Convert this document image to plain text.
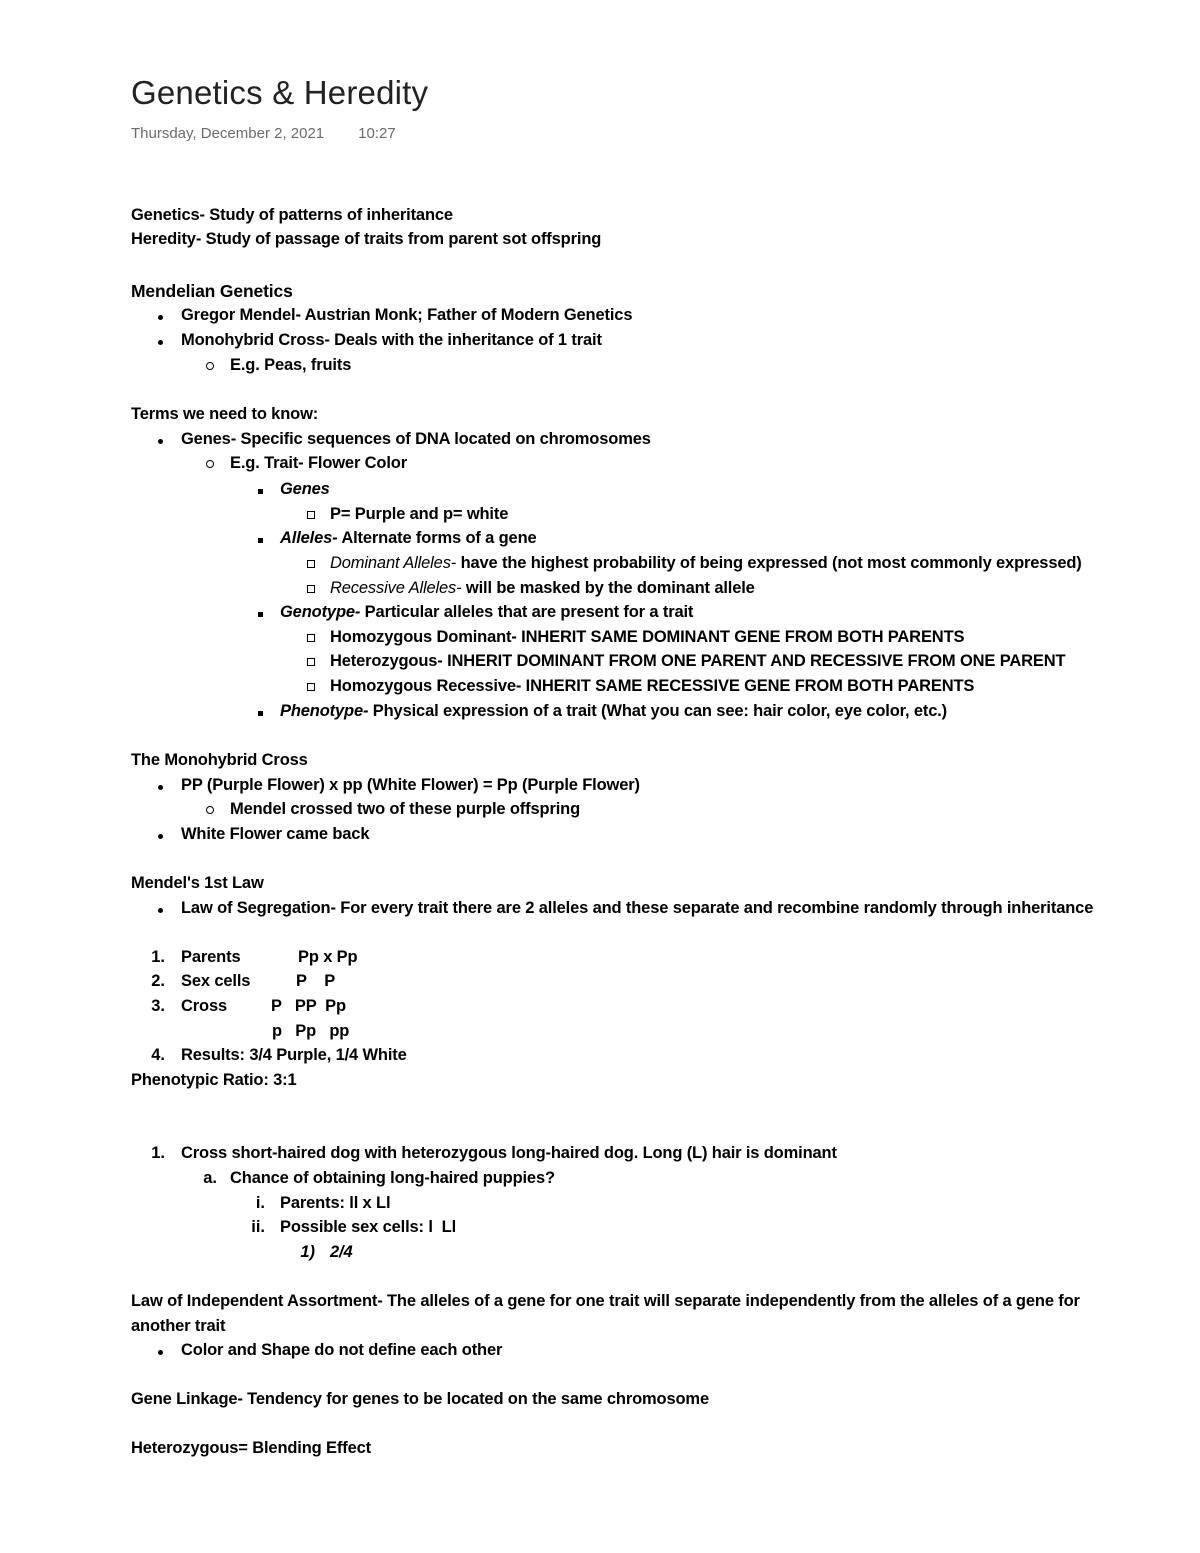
Genetics & Heredity
Thursday, December 2, 2021 10:27
Genetics- Study of patterns of inheritance
Heredity- Study of passage of traits from parent sot offspring
Mendelian Genetics
Gregor Mendel- Austrian Monk; Father of Modern Genetics
Monohybrid Cross- Deals with the inheritance of 1 trait
E.g. Peas, fruits
Terms we need to know:
Genes- Specific sequences of DNA located on chromosomes
E.g. Trait- Flower Color
Genes
P= Purple and p= white
Alleles- Alternate forms of a gene
Dominant Alleles- have the highest probability of being expressed (not most commonly expressed)
Recessive Alleles- will be masked by the dominant allele
Genotype- Particular alleles that are present for a trait
Homozygous Dominant- INHERIT SAME DOMINANT GENE FROM BOTH PARENTS
Heterozygous- INHERIT DOMINANT FROM ONE PARENT AND RECESSIVE FROM ONE PARENT
Homozygous Recessive- INHERIT SAME RECESSIVE GENE FROM BOTH PARENTS
Phenotype- Physical expression of a trait (What you can see: hair color, eye color, etc.)
The Monohybrid Cross
PP (Purple Flower) x pp (White Flower) = Pp (Purple Flower)
Mendel crossed two of these purple offspring
White Flower came back
Mendel's 1st Law
Law of Segregation- For every trait there are 2 alleles and these separate and recombine randomly through inheritance
1. Parents	Pp x Pp
2. Sex cells	P    P
3. Cross	P   PP  Pp
p   Pp   pp
4. Results: 3/4 Purple, 1/4 White
Phenotypic Ratio: 3:1
1. Cross short-haired dog with heterozygous long-haired dog. Long (L) hair is dominant
a. Chance of obtaining long-haired puppies?
i. Parents: ll x Ll
ii. Possible sex cells: l  Ll
1) 2/4
Law of Independent Assortment- The alleles of a gene for one trait will separate independently from the alleles of a gene for
another trait
Color and Shape do not define each other
Gene Linkage- Tendency for genes to be located on the same chromosome
Heterozygous= Blending Effect
